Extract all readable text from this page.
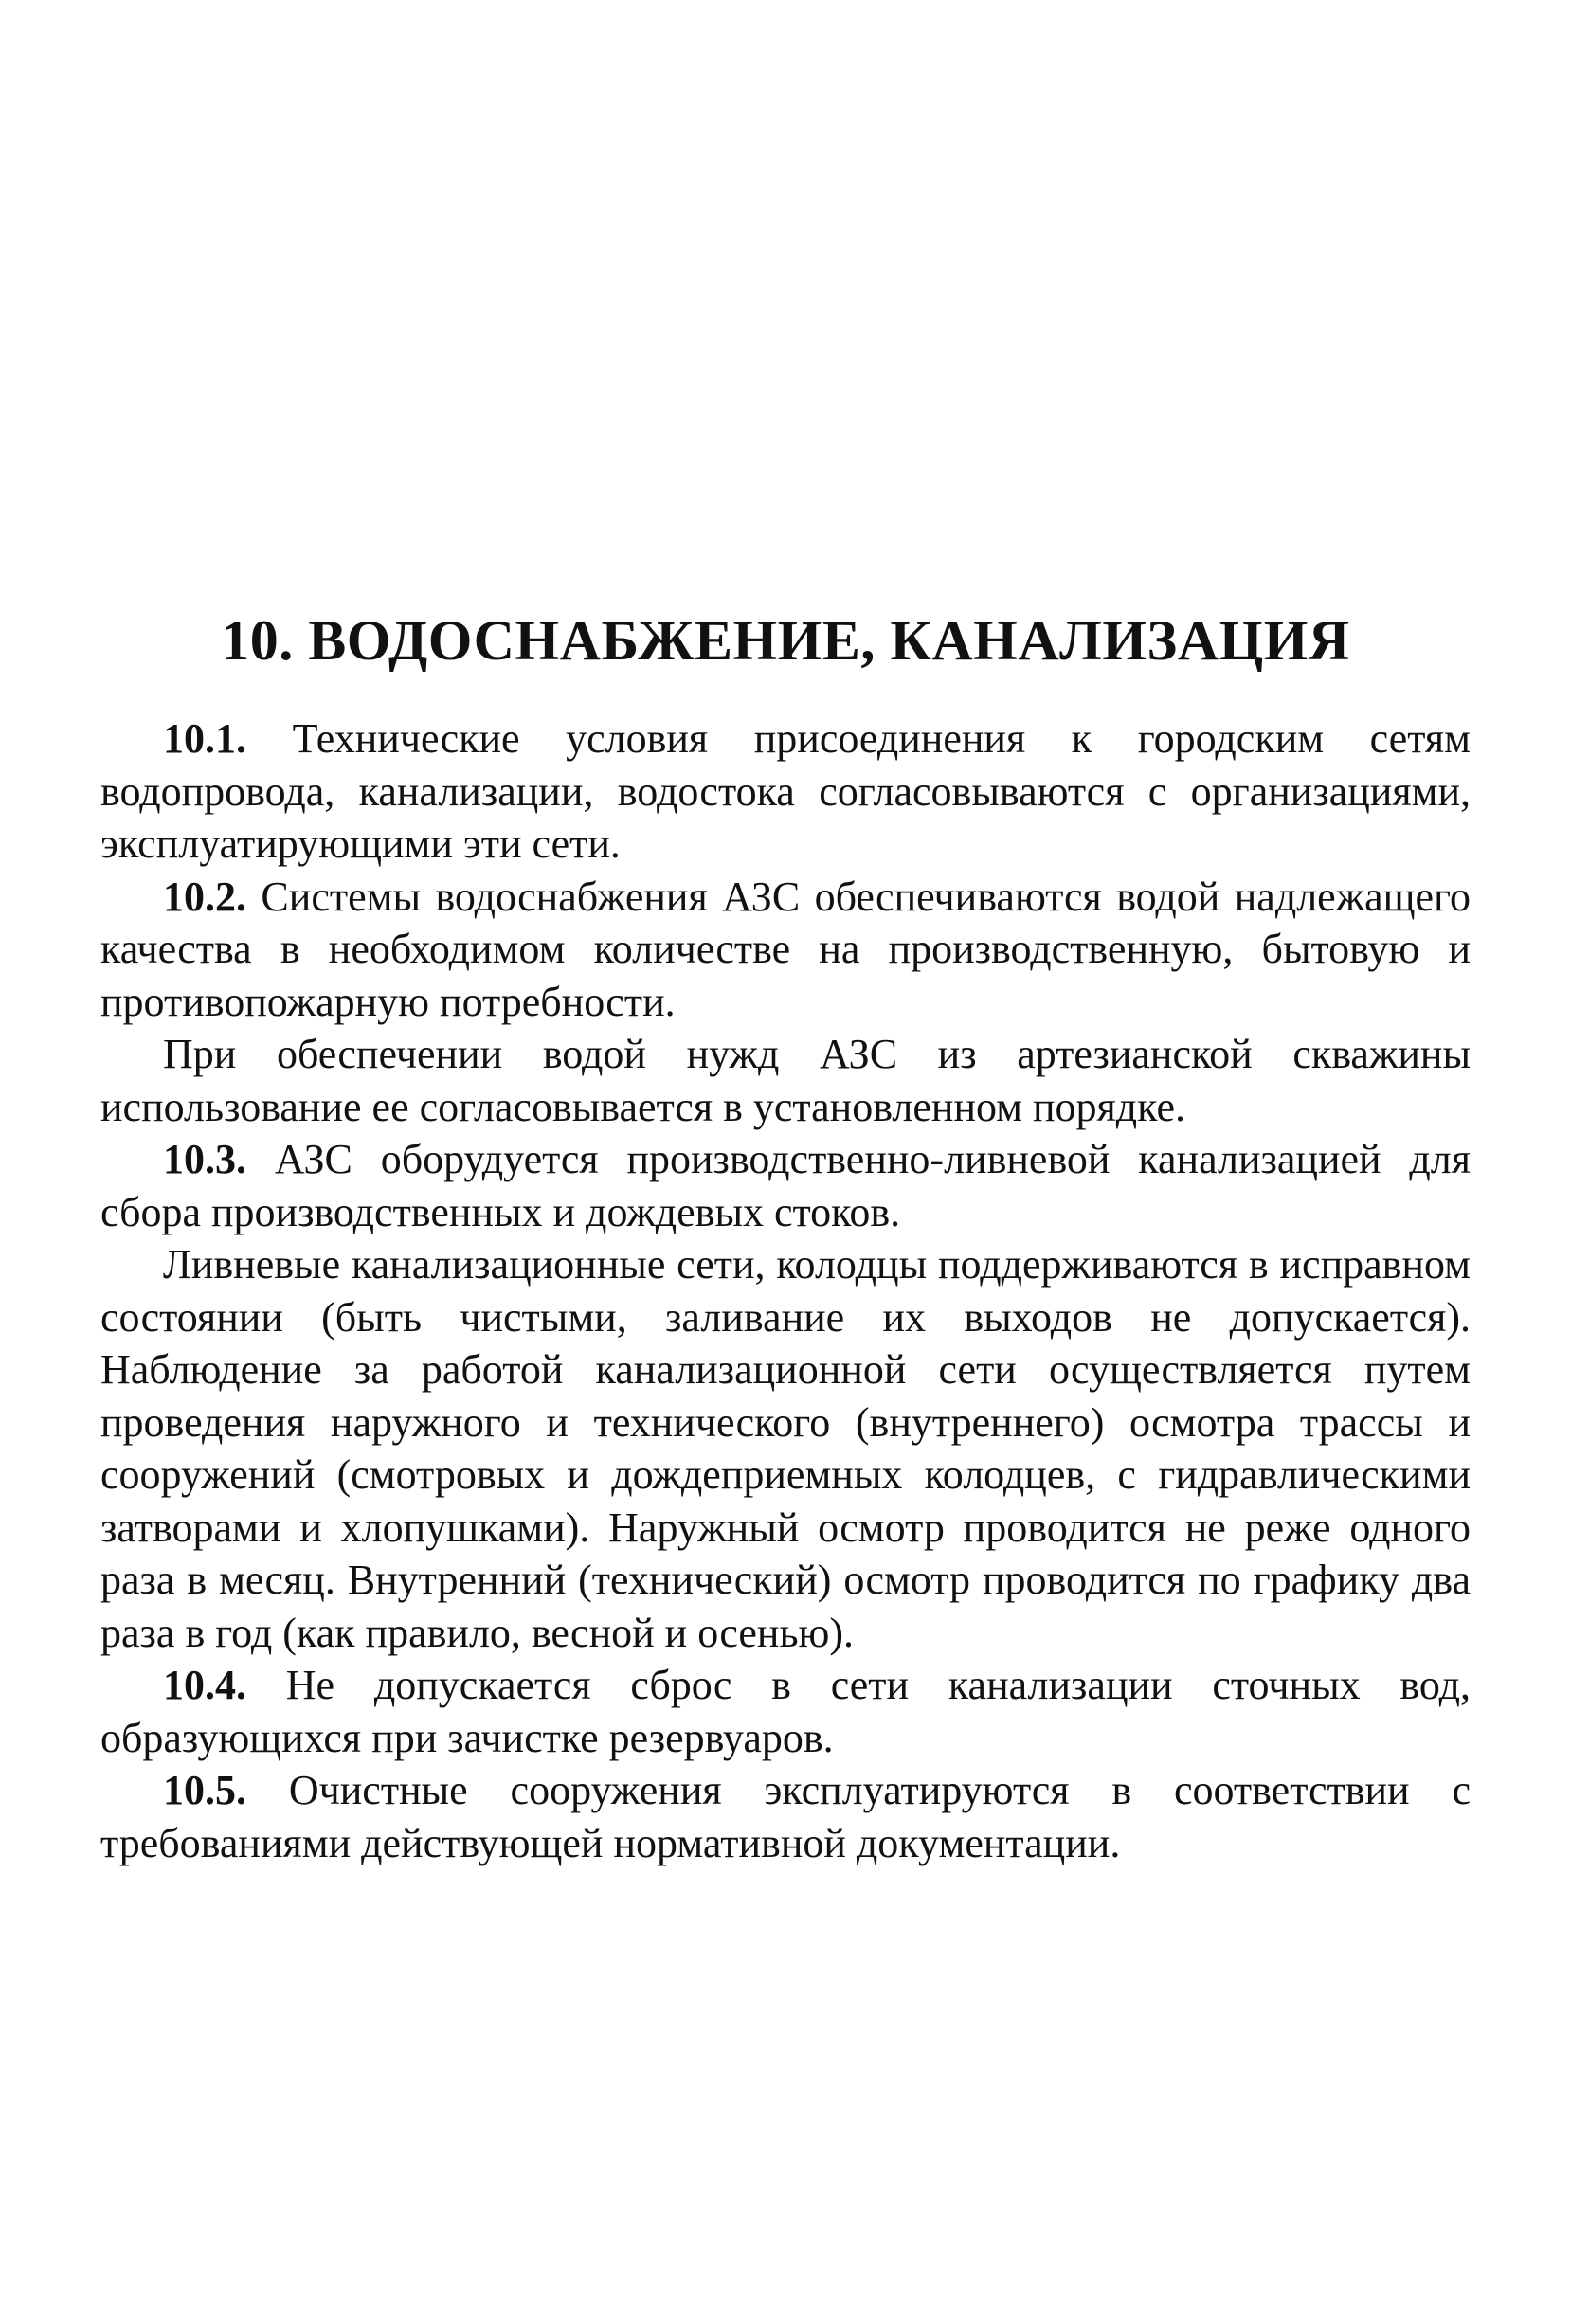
10. ВОДОСНАБЖЕНИЕ, КАНАЛИЗАЦИЯ

10.1. Технические условия присоединения к городским сетям водопровода, канализации, водостока согласовываются с организациями, эксплуатирующими эти сети.

10.2. Системы водоснабжения АЗС обеспечиваются водой надлежащего качества в необходимом количестве на производственную, бытовую и противопожарную потребности.

При обеспечении водой нужд АЗС из артезианской скважины использование ее согласовывается в установленном порядке.

10.3. АЗС оборудуется производственно-ливневой канализацией для сбора производственных и дождевых стоков.

Ливневые канализационные сети, колодцы поддерживаются в исправном состоянии (быть чистыми, заливание их выходов не допускается). Наблюдение за работой канализационной сети осуществляется путем проведения наружного и технического (внутреннего) осмотра трассы и сооружений (смотровых и дождеприемных колодцев, с гидравлическими затворами и хлопушками). Наружный осмотр проводится не реже одного раза в месяц. Внутренний (технический) осмотр проводится по графику два раза в год (как правило, весной и осенью).

10.4. Не допускается сброс в сети канализации сточных вод, образующихся при зачистке резервуаров.

10.5. Очистные сооружения эксплуатируются в соответствии с требованиями действующей нормативной документации.
